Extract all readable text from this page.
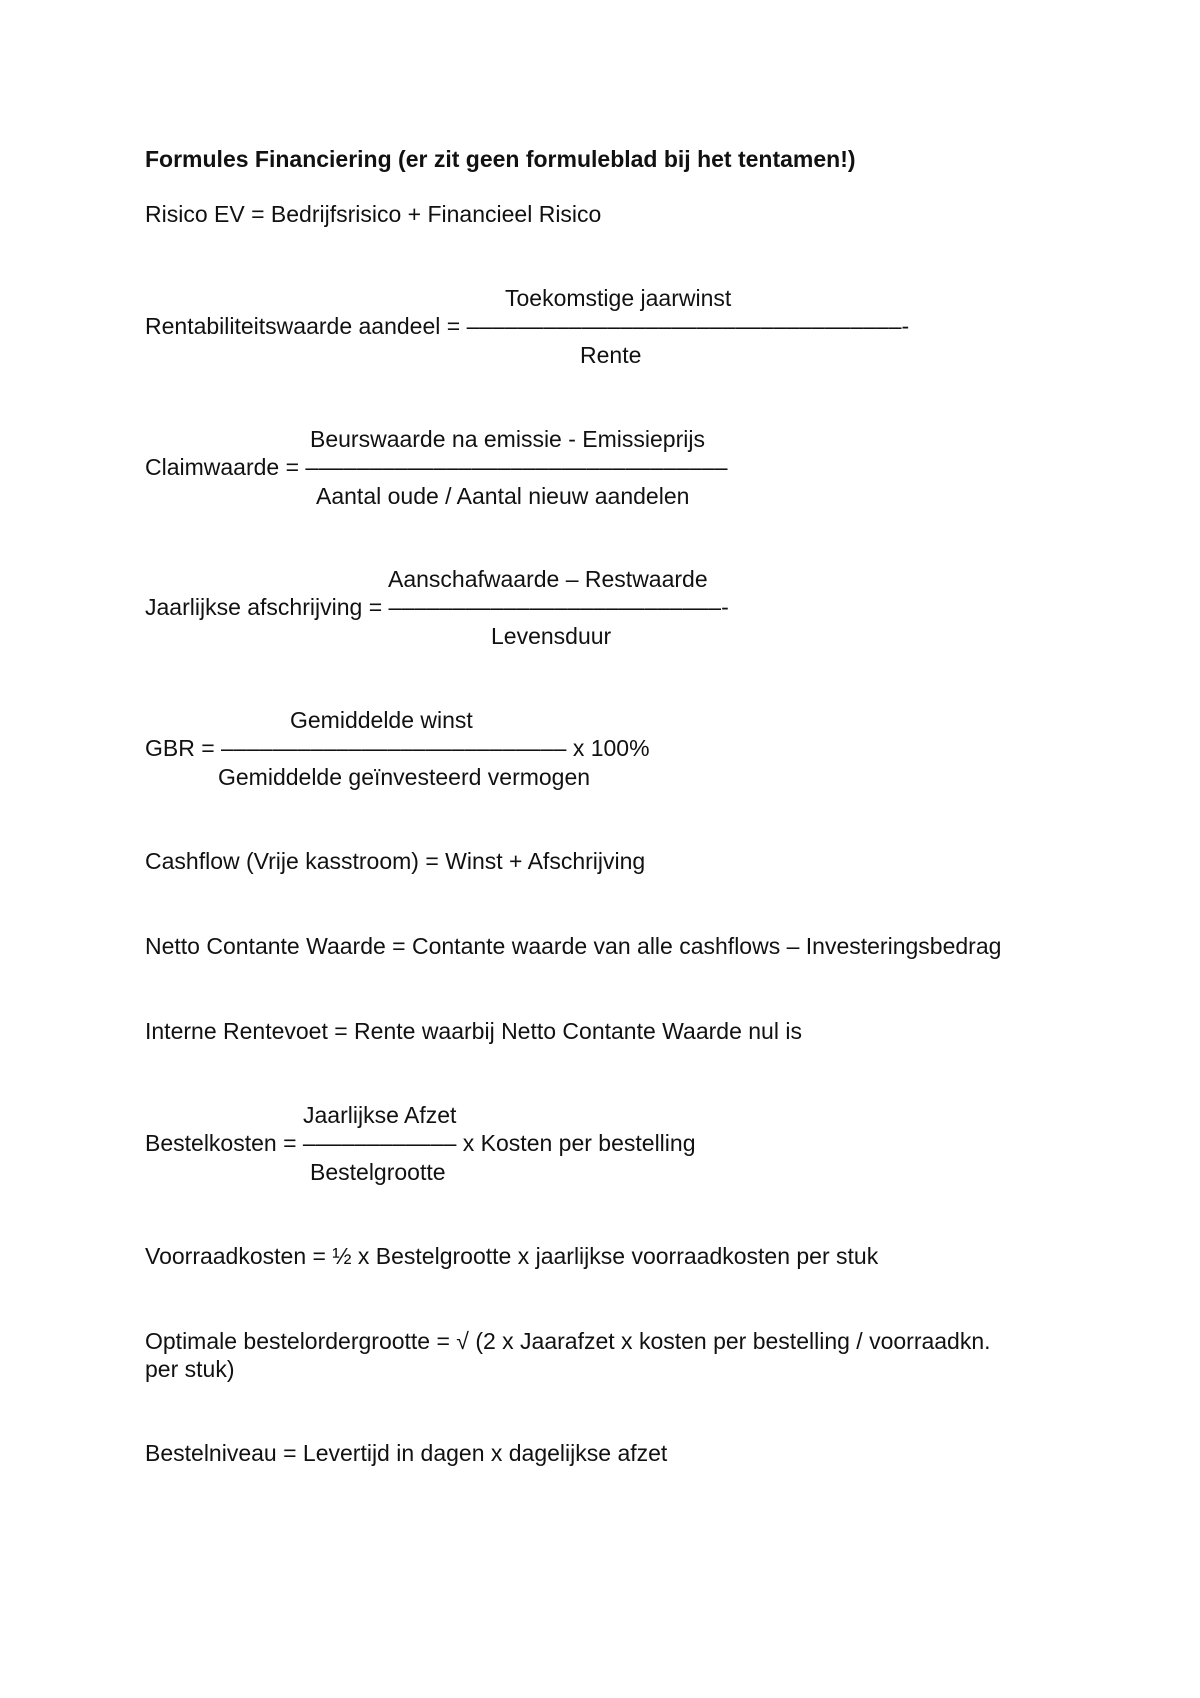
Formules Financiering (er zit geen formuleblad bij het tentamen!)

Risico EV = Bedrijfsrisico + Financieel Risico

Toekomstige jaarwinst

Rentabiliteitswaarde aandeel = ––––––––––––––––––––––––––––––––––-

Rente

Beurswaarde na emissie - Emissieprijs

Claimwaarde = –––––––––––––––––––––––––––––––––

Aantal oude / Aantal nieuw aandelen

Aanschafwaarde – Restwaarde

Jaarlijkse afschrijving = ––––––––––––––––––––––––––-

Levensduur

Gemiddelde winst

GBR = ––––––––––––––––––––––––––– x 100%

Gemiddelde geïnvesteerd vermogen

Cashflow (Vrije kasstroom) = Winst + Afschrijving

Netto Contante Waarde = Contante waarde van alle cashflows – Investeringsbedrag

Interne Rentevoet = Rente waarbij Netto Contante Waarde nul is

Jaarlijkse Afzet

Bestelkosten = –––––––––––– x Kosten per bestelling

Bestelgrootte

Voorraadkosten = ½ x Bestelgrootte x jaarlijkse voorraadkosten per stuk

Optimale bestelordergrootte = √ (2 x Jaarafzet x kosten per bestelling / voorraadkn.

per stuk)

Bestelniveau = Levertijd in dagen x dagelijkse afzet
